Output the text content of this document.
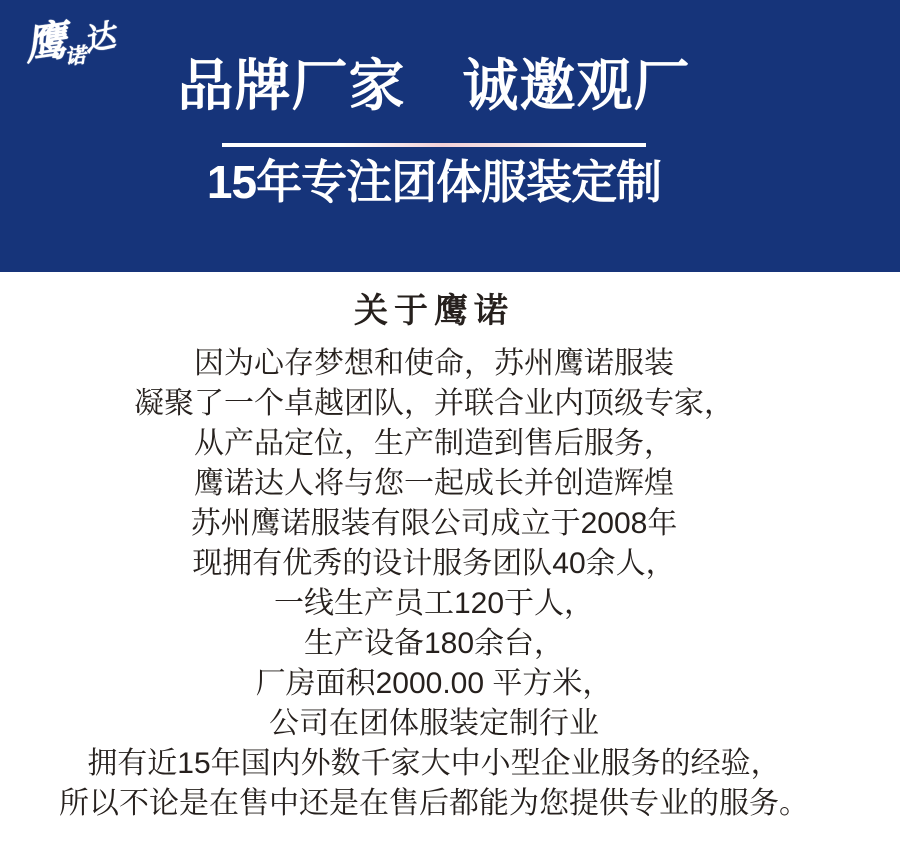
鹰诺达
品牌厂家　诚邀观厂
15年专注团体服装定制
关于鹰诺
因为心存梦想和使命，苏州鹰诺服装
凝聚了一个卓越团队，并联合业内顶级专家，
从产品定位，生产制造到售后服务，
鹰诺达人将与您一起成长并创造辉煌
苏州鹰诺服装有限公司成立于2008年
现拥有优秀的设计服务团队40余人，
一线生产员工120于人，
生产设备180余台，
厂房面积2000.00 平方米，
公司在团体服装定制行业
拥有近15年国内外数千家大中小型企业服务的经验，
所以不论是在售中还是在售后都能为您提供专业的服务。
